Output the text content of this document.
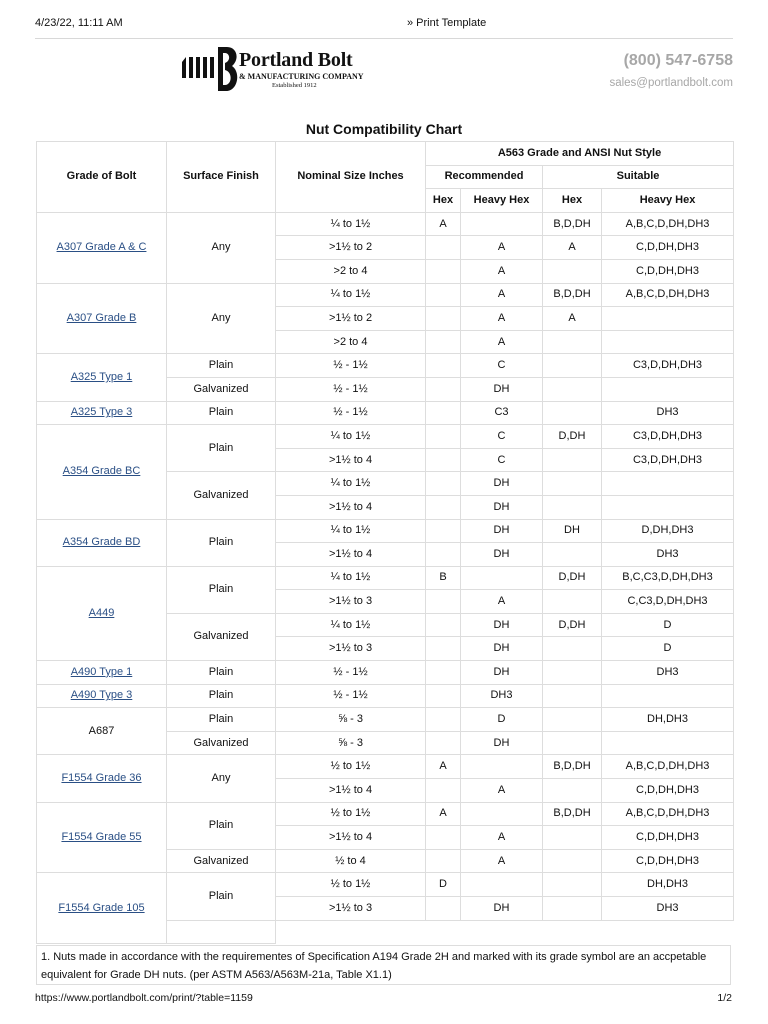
4/23/22, 11:11 AM	» Print Template
Portland Bolt
& MANUFACTURING COMPANY
Established 1912
(800) 547-6758
sales@portlandbolt.com
Nut Compatibility Chart
Grade of Bolt	Surface Finish	Nominal Size Inches	A563 Grade and ANSI Nut Style			
			Recommended		Suitable	
			Hex	Heavy Hex	Hex	Heavy Hex
A307 Grade A & C	Any	¼ to 1½	A		B,D,DH	A,B,C,D,DH,DH3
		>1½ to 2		A	A	C,D,DH,DH3
		>2 to 4		A		C,D,DH,DH3
A307 Grade B	Any	¼ to 1½		A	B,D,DH	A,B,C,D,DH,DH3
		>1½ to 2		A	A	
		>2 to 4		A		
A325 Type 1	Plain	½ - 1½		C		C3,D,DH,DH3
	Galvanized	½ - 1½		DH		
A325 Type 3	Plain	½ - 1½		C3		DH3
A354 Grade BC	Plain	¼ to 1½		C	D,DH	C3,D,DH,DH3
		>1½ to 4		C		C3,D,DH,DH3
	Galvanized	¼ to 1½		DH		
		>1½ to 4		DH		
A354 Grade BD	Plain	¼ to 1½		DH	DH	D,DH,DH3
		>1½ to 4		DH		DH3
A449	Plain	¼ to 1½	B		D,DH	B,C,C3,D,DH,DH3
		>1½ to 3		A		C,C3,D,DH,DH3
	Galvanized	¼ to 1½		DH	D,DH	D
		>1½ to 3		DH		D
A490 Type 1	Plain	½ - 1½		DH		DH3
A490 Type 3	Plain	½ - 1½		DH3		
A687	Plain	⅝ - 3		D		DH,DH3
	Galvanized	⅝ - 3		DH		
F1554 Grade 36	Any	½ to 1½	A		B,D,DH	A,B,C,D,DH,DH3
		>1½ to 4		A		C,D,DH,DH3
F1554 Grade 55	Plain	½ to 1½	A		B,D,DH	A,B,C,D,DH,DH3
		>1½ to 4		A		C,D,DH,DH3
	Galvanized	½ to 4		A		C,D,DH,DH3
F1554 Grade 105	Plain	½ to 1½	D			DH,DH3
		>1½ to 3		DH		DH3

1. Nuts made in accordance with the requirementes of Specification A194 Grade 2H and marked with its grade symbol are an accpetable equivalent for Grade DH nuts. (per ASTM A563/A563M-21a, Table X1.1)
https://www.portlandbolt.com/print/?table=1159	1/2
